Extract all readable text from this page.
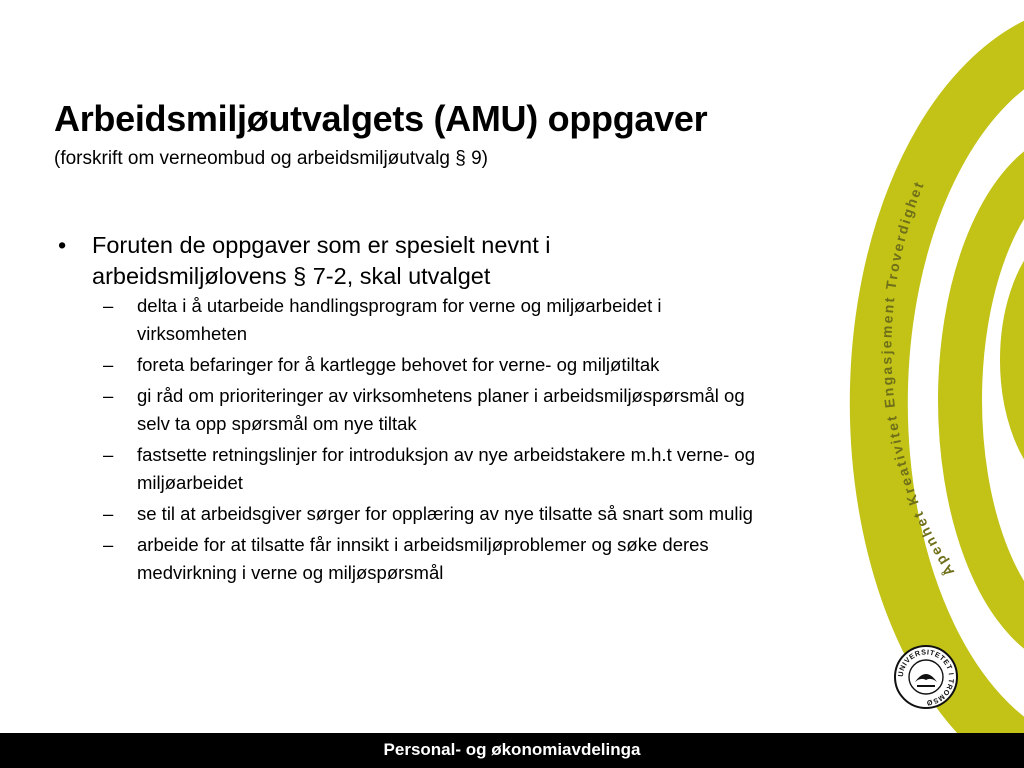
Åpenhet Kreativitet Engasjement Troverdighet
Arbeidsmiljøutvalgets (AMU) oppgaver

(forskrift om verneombud og arbeidsmiljøutvalg § 9)

•	Foruten de oppgaver som er spesielt nevnt i
arbeidsmiljølovens § 7-2, skal utvalget
–	delta i å utarbeide handlingsprogram for verne og miljøarbeidet i virksomheten
–	foreta befaringer for å kartlegge behovet for verne- og miljøtiltak
–	gi råd om prioriteringer av virksomhetens planer i arbeidsmiljøspørsmål og selv ta opp spørsmål om nye tiltak
–	fastsette retningslinjer for introduksjon av nye arbeidstakere m.h.t verne- og miljøarbeidet
–	se til at arbeidsgiver sørger for opplæring av nye tilsatte så snart som mulig
–	arbeide for at tilsatte får innsikt i arbeidsmiljøproblemer og søke deres medvirkning i verne og miljøspørsmål
UNIVERSITETET I TROMSØ
Personal- og økonomiavdelinga
